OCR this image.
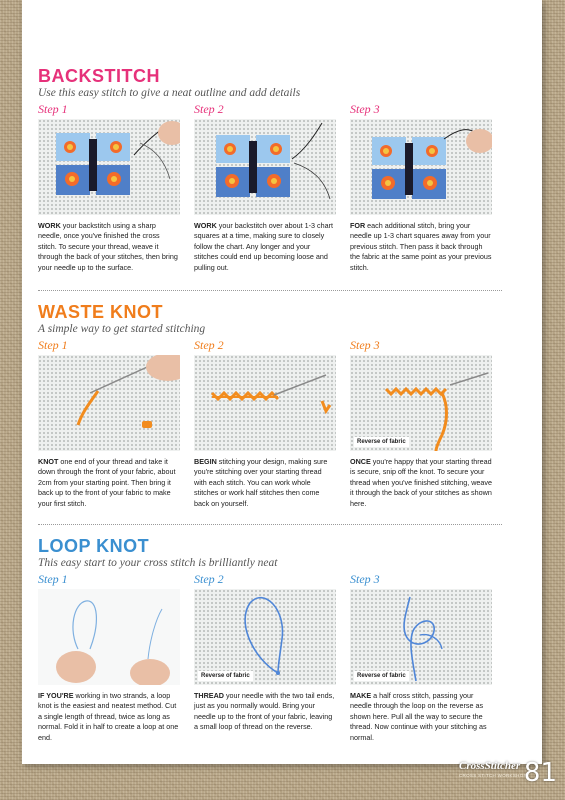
BACKSTITCH
Use this easy stitch to give a neat outline and add details
Step 1
WORK your backstitch using a sharp needle, once you've finished the cross stitch. To secure your thread, weave it through the back of your stitches, then bring your needle up to the surface.
Step 2
WORK your backstitch over about 1-3 chart squares at a time, making sure to closely follow the chart. Any longer and your stitches could end up becoming loose and pulling out.
Step 3
FOR each additional stitch, bring your needle up 1-3 chart squares away from your previous stitch. Then pass it back through the fabric at the same point as your previous stitch.
WASTE KNOT
A simple way to get started stitching
Step 1
KNOT one end of your thread and take it down through the front of your fabric, about 2cm from your starting point. Then bring it back up to the front of your fabric to make your first stitch.
Step 2
BEGIN stitching your design, making sure you're stitching over your starting thread with each stitch. You can work whole stitches or work half stitches then come back on yourself.
Step 3
Reverse of fabric
ONCE you're happy that your starting thread is secure, snip off the knot. To secure your thread when you've finished stitching, weave it through the back of your stitches as shown here.
LOOP KNOT
This easy start to your cross stitch is brilliantly neat
Step 1
IF YOU'RE working in two strands, a loop knot is the easiest and neatest method. Cut a single length of thread, twice as long as normal. Fold it in half to create a loop at one end.
Step 2
Reverse of fabric
THREAD your needle with the two tail ends, just as you normally would. Bring your needle up to the front of your fabric, leaving a small loop of thread on the reverse.
Step 3
Reverse of fabric
MAKE a half cross stitch, passing your needle through the loop on the reverse as shown here. Pull all the way to secure the thread. Now continue with your stitching as normal.
CrossStitcher
CROSS STITCH WORKSHOP
81
